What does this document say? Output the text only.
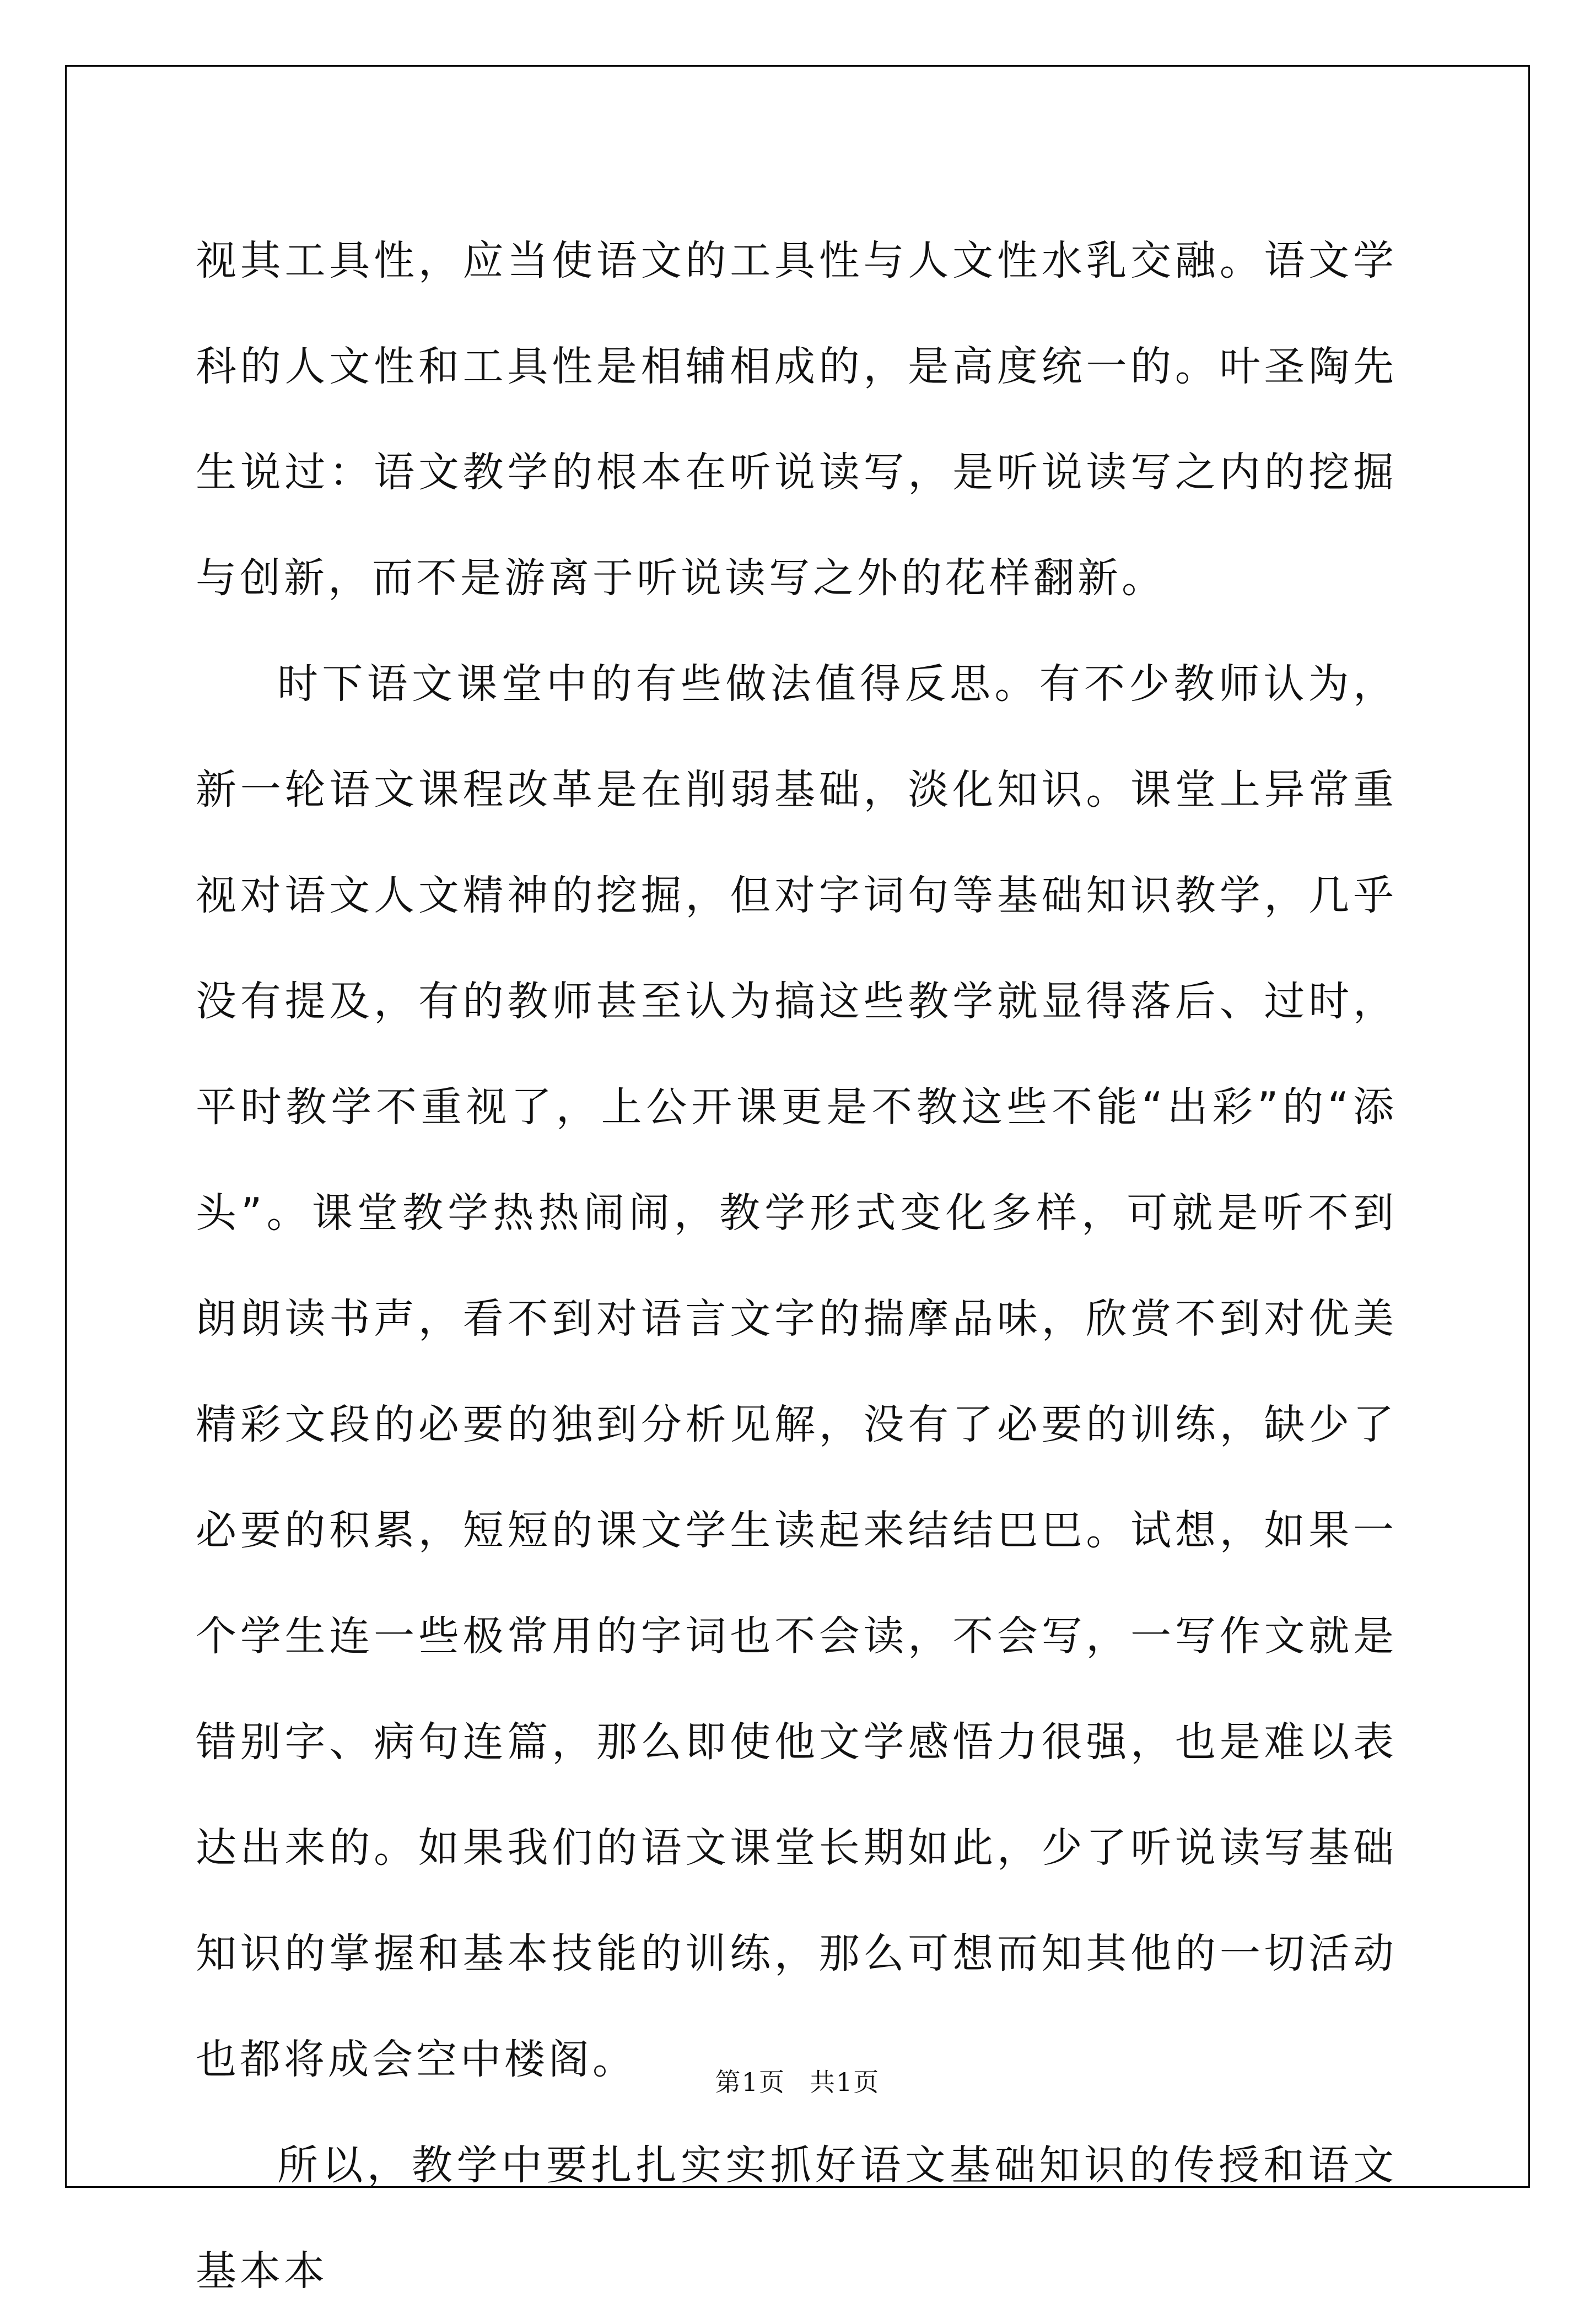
视其工具性，应当使语文的工具性与人文性水乳交融。语文学科的人文性和工具性是相辅相成的，是高度统一的。叶圣陶先生说过：语文教学的根本在听说读写，是听说读写之内的挖掘与创新，而不是游离于听说读写之外的花样翻新。

时下语文课堂中的有些做法值得反思。有不少教师认为，新一轮语文课程改革是在削弱基础，淡化知识。课堂上异常重视对语文人文精神的挖掘，但对字词句等基础知识教学，几乎没有提及，有的教师甚至认为搞这些教学就显得落后、过时，平时教学不重视了，上公开课更是不教这些不能“出彩”的“添头”。课堂教学热热闹闹，教学形式变化多样，可就是听不到朗朗读书声，看不到对语言文字的揣摩品味，欣赏不到对优美精彩文段的必要的独到分析见解，没有了必要的训练，缺少了必要的积累，短短的课文学生读起来结结巴巴。试想，如果一个学生连一些极常用的字词也不会读，不会写，一写作文就是错别字、病句连篇，那么即使他文学感悟力很强，也是难以表达出来的。如果我们的语文课堂长期如此，少了听说读写基础知识的掌握和基本技能的训练，那么可想而知其他的一切活动也都将成会空中楼阁。

所以，教学中要扎扎实实抓好语文基础知识的传授和语文基本本

第1页 共1页
